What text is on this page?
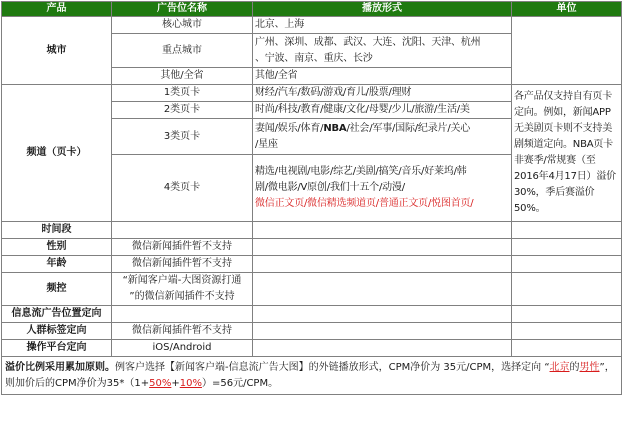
产品	广告位名称	播放形式	单位
城市	核心城市	北京、上海	
	重点城市	广州、深圳、成都、武汉、大连、沈阳、天津、杭州
、宁波、南京、重庆、长沙	

	其他/全省	其他/全省	
频道（页卡）	1类页卡	财经/汽车/数码/游戏/育儿/股票/理财	各产品仅支持自有页卡定向。例如，新闻APP无美剧页卡则不支持美剧频道定向。NBA页卡非赛季/常规赛（至2016年4月17日）溢价30%，季后赛溢价50%。
	2类页卡	时尚/科技/教育/健康/文化/母婴/少儿/旅游/生活/美	
	3类页卡	妻闻/娱乐/体育/NBA/社会/军事/国际/纪录片/关心
/星座	

	4类页卡	精选/电视剧/电影/综艺/美剧/搞笑/音乐/好莱坞/韩
剧/微电影/V原创/我们十五个/动漫/
微信正文页/微信精选频道页/普通正文页/悦图首页/	

时间段			
性别	微信新闻插件暂不支持		
年龄	微信新闻插件暂不支持		
频控	“新闻客户端-大图资源打通
”的微信新闻插件不支持		

信息流广告位置定向			
人群标签定向	微信新闻插件暂不支持		
操作平台定向	iOS/Android		
溢价比例采用累加原则。例客户选择【新闻客户端-信息流广告大图】的外链播放形式，CPM净价为 35元/CPM，选择定向 “北京的男性”，则加价后的CPM净价为35*（1+50%+10%）=56元/CPM。			
